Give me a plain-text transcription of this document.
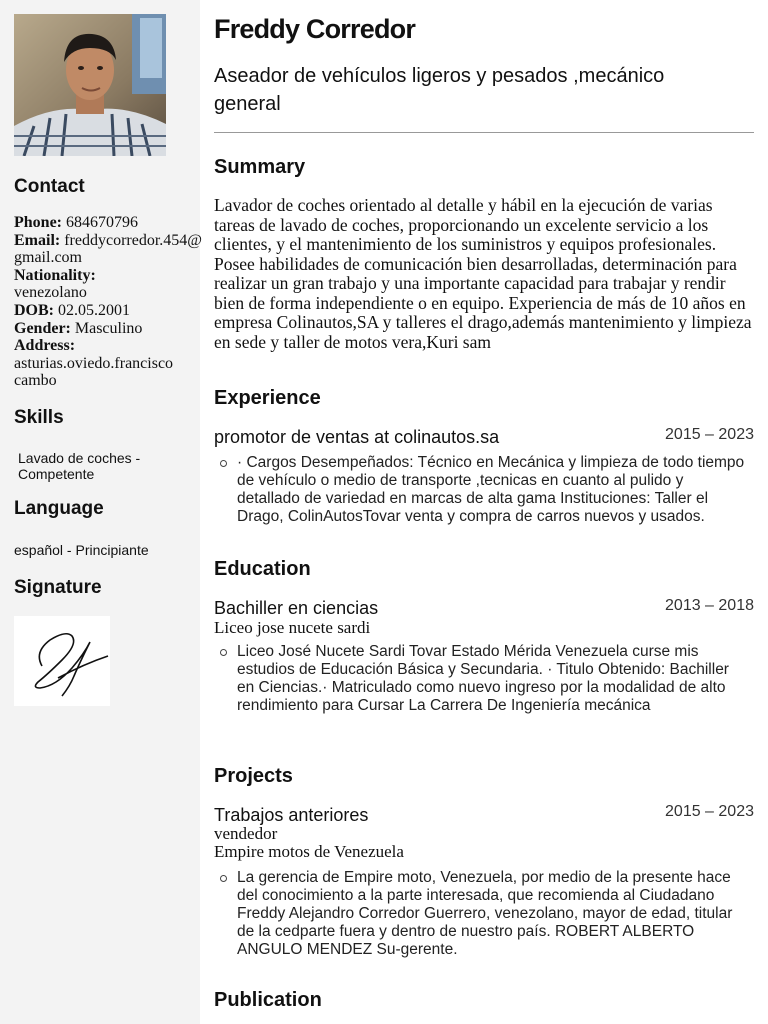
Contact
Phone: 684670796
Email: freddycorredor.454@gmail.com
Nationality:
venezolano
DOB: 02.05.2001
Gender: Masculino
Address:
asturias.oviedo.francisco cambo
Skills
Lavado de coches - Competente
Language
español - Principiante
Signature
Freddy Corredor
Aseador de vehículos ligeros y pesados ,mecánico general
Summary
Lavador de coches orientado al detalle y hábil en la ejecución de varias tareas de lavado de coches, proporcionando un excelente servicio a los clientes, y el mantenimiento de los suministros y equipos profesionales. Posee habilidades de comunicación bien desarrolladas, determinación para realizar un gran trabajo y una importante capacidad para trabajar y rendir bien de forma independiente o en equipo. Experiencia de más de 10 años en empresa Colinautos,SA y talleres el drago,además mantenimiento y limpieza en sede y taller de motos vera,Kuri sam
Experience
promotor de ventas at colinautos.sa	2015 – 2023
· Cargos Desempeñados: Técnico en Mecánica y limpieza de todo tiempo de vehículo o medio de transporte ,tecnicas en cuanto al pulido y detallado de variedad en marcas de alta gama Instituciones: Taller el Drago, ColinAutosTovar venta y compra de carros nuevos y usados.
Education
Bachiller en ciencias	2013 – 2018
Liceo jose nucete sardi
Liceo José Nucete Sardi Tovar Estado Mérida Venezuela curse mis estudios de Educación Básica y Secundaria. · Titulo Obtenido: Bachiller en Ciencias.· Matriculado como nuevo ingreso por la modalidad de alto rendimiento para Cursar La Carrera De Ingeniería mecánica
Projects
Trabajos anteriores	2015 – 2023
vendedor
Empire motos de Venezuela
La gerencia de Empire moto, Venezuela, por medio de la presente hace del conocimiento a la parte interesada, que recomienda al Ciudadano Freddy Alejandro Corredor Guerrero, venezolano, mayor de edad, titular de la cedparte fuera y dentro de nuestro país. ROBERT ALBERTO ANGULO MENDEZ Su-gerente.
Publication
